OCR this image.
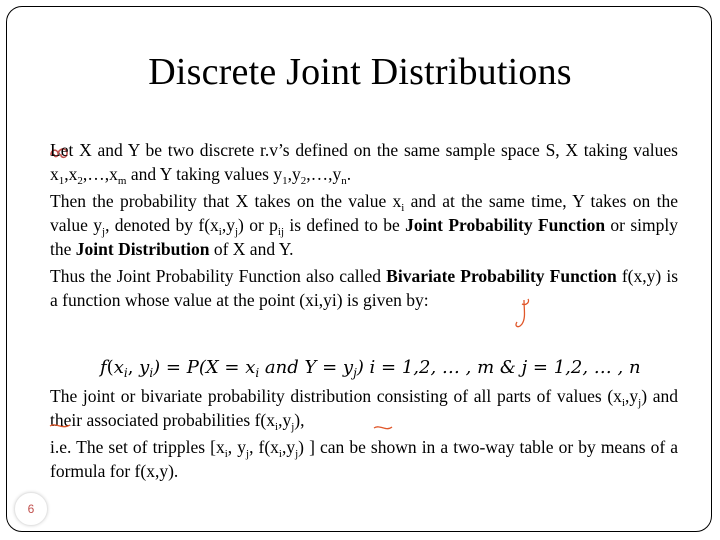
Discrete Joint Distributions

Let X and Y be two discrete r.v’s defined on the same sample space S, X taking values $x_1,x_2,\dots,x_m$ and Y taking values $y_1,y_2,\dots,y_n$.

Then the probability that X takes on the value $x_i$ and at the same time, Y takes on the value $y_j$, denoted by $f(x_i,y_j)$ or $p_{ij}$ is defined to be Joint Probability Function or simply the Joint Distribution of X and Y.

Thus the Joint Probability Function also called Bivariate Probability Function f(x,y) is a function whose value at the point (xi,yi) is given by:

$f(x_i$, $y_i) = P(X = x_i$ and $Y = y_j$) i = 1,2, … , m & j = 1,2, … , n

The joint or bivariate probability distribution consisting of all parts of values $(x_i,y_j)$ and their associated probabilities $f(x_i,y_j)$,

i.e. The set of tripples [$x_i$, $y_j$, $f(x_i,y_j)$ ] can be shown in a two-way table or by means of a formula for f(x,y).

6
